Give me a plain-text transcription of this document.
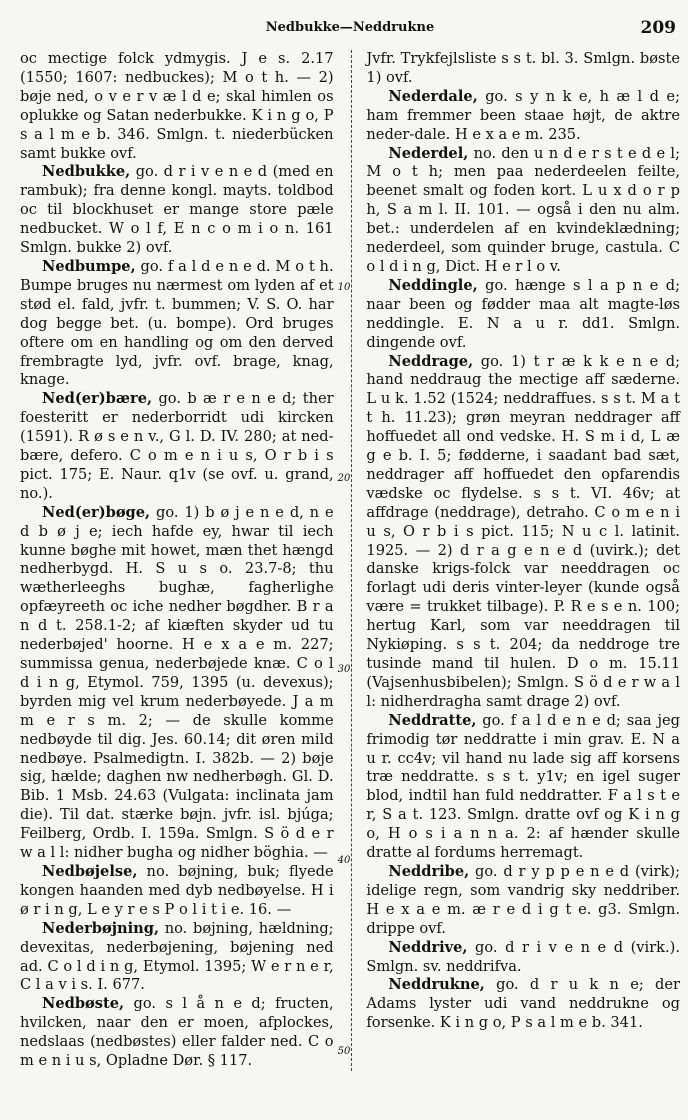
Nedbukke—Neddrukne	209

oc mectige folck ydmygis. J e s. 2.17 (1550; 1607: nedbuckes); M o t h. — 2) bøje ned, o v e r v æ l d e; skal himlen os oplukke og Satan nederbukke. K i n g o, P s a l m e b. 346. Smlgn. t. niederbücken samt bukke ovf.

Nedbukke, go. d r i v e n e d (med en rambuk); fra denne kongl. mayts. toldbod oc til blockhuset er mange store pæle nedbucket. W o l f, E n c o m i o n. 161 Smlgn. bukke 2) ovf.

Nedbumpe, go. f a l d e n e d. M o t h. Bumpe bruges nu nærmest om lyden af et stød el. fald, jvfr. t. bummen; V. S. O. har dog begge bet. (u. bompe). Ord bruges oftere om en handling og om den derved frembragte lyd, jvfr. ovf. brage, knag, knage.

Ned(er)bære, go. b æ r e n e d; ther foesteritt er nederborridt udi kircken (1591). R ø s e n v., G l. D. IV. 280; at ned-bære, defero. C o m e n i u s, O r b i s pict. 175; E. Naur. q1v (se ovf. u. grand, no.).

Ned(er)bøge, go. 1) b ø j e n e d, n e d b ø j e; iech hafde ey, hwar til iech kunne bøghe mit howet, mæn thet hængd nedherbygd. H. S u s o. 23.7-8; thu wætherleeghs bughæ, fagherlighe opfæyreeth oc iche nedher bøgdher. B r a n d t. 258.1-2; af kiæften skyder ud tu nederbøjed' hoorne. H e x a e m. 227; summissa genua, nederbøjede knæ. C o l d i n g, Etymol. 759, 1395 (u. devexus); byrden mig vel krum nederbøyede. J a m m e r s m. 2; — de skulle komme nedbøyde til dig. Jes. 60.14; dit øren mild nedbøye. Psalmedigtn. I. 382b. — 2) bøje sig, hælde; daghen nw nedherbøgh. Gl. D. Bib. 1 Msb. 24.63 (Vulgata: inclinata jam die). Til dat. stærke bøjn. jvfr. isl. bjúga; Feilberg, Ordb. I. 159a. Smlgn. S ö d e r w a l l: nidher bugha og nidher böghia. —

Nedbøjelse, no. bøjning, buk; flyede kongen haanden med dyb nedbøyelse. H i ø r i n g, L e y r e s P o l i t i e. 16. —

Nederbøjning, no. bøjning, hældning; devexitas, nederbøjening, bøjening ned ad. C o l d i n g, Etymol. 1395; W e r n e r, C l a v i s. I. 677.

Nedbøste, go. s l å n e d; fructen, hvilcken, naar den er moen, afplockes, nedslaas (nedbøstes) eller falder ned. C o m e n i u s, Opladne Dør. § 117.

10
20
30
40
50

Jvfr. Trykfejlsliste s s t. bl. 3. Smlgn. bøste 1) ovf.

Nederdale, go. s y n k e, h æ l d e; ham fremmer been staae højt, de aktre neder-dale. H e x a e m. 235.

Nederdel, no. den u n d e r s t e d e l; M o t h; men paa nederdeelen feilte, beenet smalt og foden kort. L u x d o r p h, S a m l. II. 101. — også i den nu alm. bet.: underdelen af en kvindeklædning; nederdeel, som quinder bruge, castula. C o l d i n g, Dict. H e r l o v.

Neddingle, go. hænge s l a p n e d; naar been og fødder maa alt magte-løs neddingle. E. N a u r. dd1. Smlgn. dingende ovf.

Neddrage, go. 1) t r æ k k e n e d; hand neddraug the mectige aff sæderne. L u k. 1.52 (1524; neddraffues. s s t. M a t t h. 11.23); grøn meyran neddrager aff hoffuedet all ond vedske. H. S m i d, L æ g e b. I. 5; fødderne, i saadant bad sæt, neddrager aff hoffuedet den opfarendis vædske oc flydelse. s s t. VI. 46v; at affdrage (neddrage), detraho. C o m e n i u s, O r b i s pict. 115; N u c l. latinit. 1925. — 2) d r a g e n e d (uvirk.); det danske krigs-folck var needdragen oc forlagt udi deris vinter-leyer (kunde også være = trukket tilbage). P. R e s e n. 100; hertug Karl, som var needdragen til Nykiøping. s s t. 204; da neddroge tre tusinde mand til hulen. D o m. 15.11 (Vajsenhusbibelen); Smlgn. S ö d e r w a l l: nidherdragha samt drage 2) ovf.

Neddratte, go. f a l d e n e d; saa jeg frimodig tør neddratte i min grav. E. N a u r. cc4v; vil hand nu lade sig aff korsens træ neddratte. s s t. y1v; en igel suger blod, indtil han fuld neddratter. F a l s t e r, S a t. 123. Smlgn. dratte ovf og K i n g o, H o s i a n n a. 2: af hænder skulle dratte al fordums herremagt.

Neddribe, go. d r y p p e n e d (virk); idelige regn, som vandrig sky neddriber. H e x a e m. æ r e d i g t e. g3. Smlgn. drippe ovf.

Neddrive, go. d r i v e n e d (virk.). Smlgn. sv. neddrifva.

Neddrukne, go. d r u k n e; der Adams lyster udi vand neddrukne og forsenke. K i n g o, P s a l m e b. 341.
